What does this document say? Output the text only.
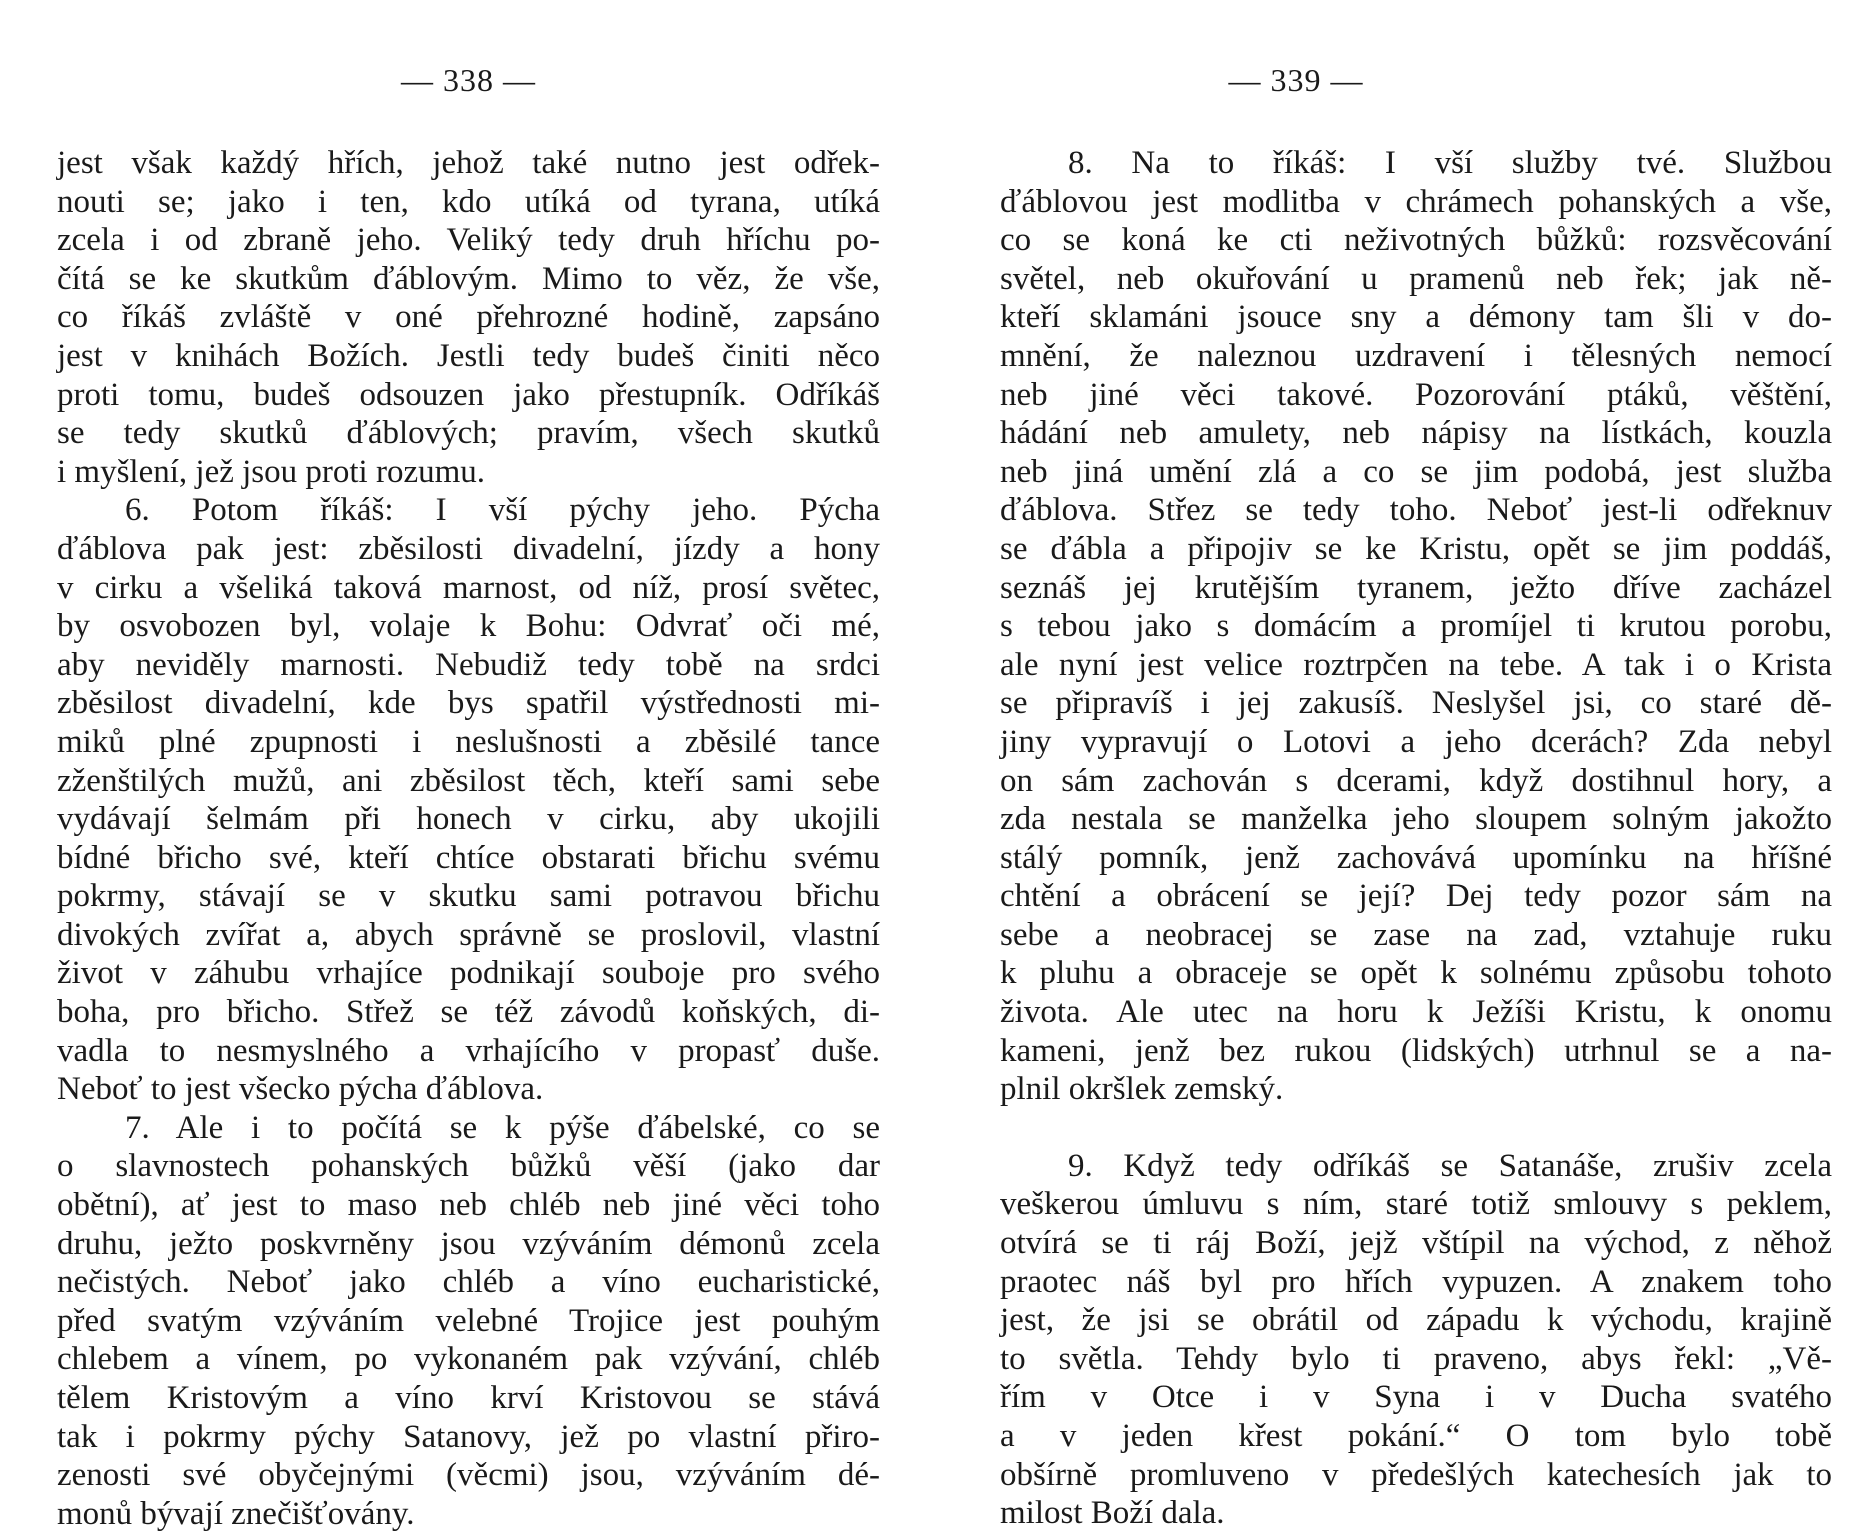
— 338 —
jest však každý hřích, jehož také nutno jest odřek-
nouti se; jako i ten, kdo utíká od tyrana, utíká
zcela i od zbraně jeho. Veliký tedy druh hříchu po-
čítá se ke skutkům ďáblovým. Mimo to věz, že vše,
co říkáš zvláště v oné přehrozné hodině, zapsáno
jest v knihách Božích. Jestli tedy budeš činiti něco
proti tomu, budeš odsouzen jako přestupník. Odříkáš
se tedy skutků ďáblových; pravím, všech skutků
i myšlení, jež jsou proti rozumu.
6. Potom říkáš: I vší pýchy jeho. Pýcha
ďáblova pak jest: zběsilosti divadelní, jízdy a hony
v cirku a všeliká taková marnost, od níž, prosí světec,
by osvobozen byl, volaje k Bohu: Odvrať oči mé,
aby neviděly marnosti. Nebudiž tedy tobě na srdci
zběsilost divadelní, kde bys spatřil výstřednosti mi-
miků plné zpupnosti i neslušnosti a zběsilé tance
zženštilých mužů, ani zběsilost těch, kteří sami sebe
vydávají šelmám při honech v cirku, aby ukojili
bídné břicho své, kteří chtíce obstarati břichu svému
pokrmy, stávají se v skutku sami potravou břichu
divokých zvířat a, abych správně se proslovil, vlastní
život v záhubu vrhajíce podnikají souboje pro svého
boha, pro břicho. Střež se též závodů koňských, di-
vadla to nesmyslného a vrhajícího v propasť duše.
Neboť to jest všecko pýcha ďáblova.
7. Ale i to počítá se k pýše ďábelské, co se
o slavnostech pohanských bůžků věší (jako dar
obětní), ať jest to maso neb chléb neb jiné věci toho
druhu, ježto poskvrněny jsou vzýváním démonů zcela
nečistých. Neboť jako chléb a víno eucharistické,
před svatým vzýváním velebné Trojice jest pouhým
chlebem a vínem, po vykonaném pak vzývání, chléb
tělem Kristovým a víno krví Kristovou se stává
tak i pokrmy pýchy Satanovy, jež po vlastní přiro-
zenosti své obyčejnými (věcmi) jsou, vzýváním dé-
monů bývají znečišťovány.
— 339 —
8. Na to říkáš: I vší služby tvé. Službou
ďáblovou jest modlitba v chrámech pohanských a vše,
co se koná ke cti neživotných bůžků: rozsvěcování
světel, neb okuřování u pramenů neb řek; jak ně-
kteří sklamáni jsouce sny a démony tam šli v do-
mnění, že naleznou uzdravení i tělesných nemocí
neb jiné věci takové. Pozorování ptáků, věštění,
hádání neb amulety, neb nápisy na lístkách, kouzla
neb jiná umění zlá a co se jim podobá, jest služba
ďáblova. Střez se tedy toho. Neboť jest-li odřeknuv
se ďábla a připojiv se ke Kristu, opět se jim poddáš,
seznáš jej krutějším tyranem, ježto dříve zacházel
s tebou jako s domácím a promíjel ti krutou porobu,
ale nyní jest velice roztrpčen na tebe. A tak i o Krista
se připravíš i jej zakusíš. Neslyšel jsi, co staré dě-
jiny vypravují o Lotovi a jeho dcerách? Zda nebyl
on sám zachován s dcerami, když dostihnul hory, a
zda nestala se manželka jeho sloupem solným jakožto
stálý pomník, jenž zachovává upomínku na hříšné
chtění a obrácení se její? Dej tedy pozor sám na
sebe a neobracej se zase na zad, vztahuje ruku
k pluhu a obraceje se opět k solnému způsobu tohoto
života. Ale utec na horu k Ježíši Kristu, k onomu
kameni, jenž bez rukou (lidských) utrhnul se a na-
plnil okršlek zemský.
9. Když tedy odříkáš se Satanáše, zrušiv zcela
veškerou úmluvu s ním, staré totiž smlouvy s peklem,
otvírá se ti ráj Boží, jejž vštípil na východ, z něhož
praotec náš byl pro hřích vypuzen. A znakem toho
jest, že jsi se obrátil od západu k východu, krajině
to světla. Tehdy bylo ti praveno, abys řekl: „Vě-
řím v Otce i v Syna i v Ducha svatého
a v jeden křest pokání.“ O tom bylo tobě
obšírně promluveno v předešlých katechesích jak to
milost Boží dala.
